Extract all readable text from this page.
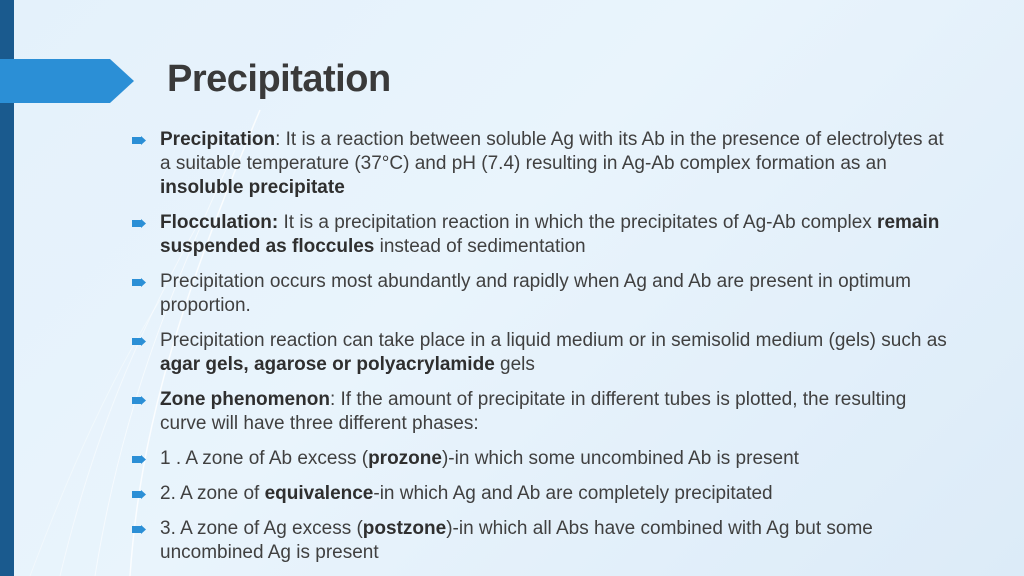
Precipitation
Precipitation: It is a reaction between soluble Ag with its Ab in the presence of electrolytes at a suitable temperature (37°C) and pH (7.4) resulting in Ag-Ab complex formation as an insoluble precipitate
Flocculation: It is a precipitation reaction in which the precipitates of Ag-Ab complex remain suspended as floccules instead of sedimentation
Precipitation occurs most abundantly and rapidly when Ag and Ab are present in optimum proportion.
Precipitation reaction can take place in a liquid medium or in semisolid medium (gels) such as agar gels, agarose or polyacrylamide gels
Zone phenomenon: If the amount of precipitate in different tubes is plotted, the resulting curve will have three different phases:
1 . A zone of Ab excess (prozone)-in which some uncombined Ab is present
2. A zone of equivalence-in which Ag and Ab are completely precipitated
3. A zone of Ag excess (postzone)-in which all Abs have combined with Ag but some uncombined Ag is present
